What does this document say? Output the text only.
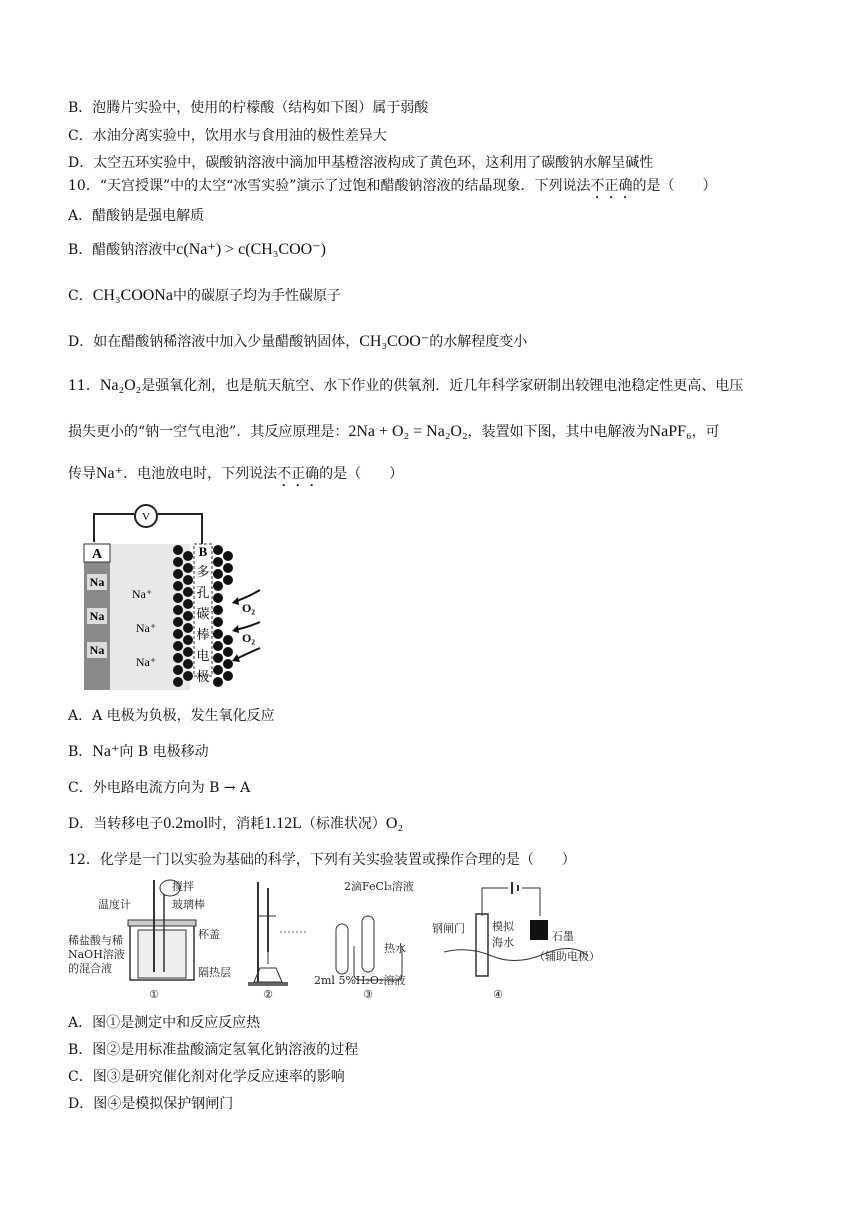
B．泡腾片实验中，使用的柠檬酸（结构如下图）属于弱酸
C．水油分离实验中，饮用水与食用油的极性差异大
D．太空五环实验中，碳酸钠溶液中滴加甲基橙溶液构成了黄色环，这利用了碳酸钠水解呈碱性
10．“天宫授课”中的太空“冰雪实验”演示了过饱和醋酸钠溶液的结晶现象．下列说法不正确的是（　　）
A．醋酸钠是强电解质
B．醋酸钠溶液中c(Na⁺) > c(CH₃COO⁻)
C．CH₃COONa中的碳原子均为手性碳原子
D．如在醋酸钠稀溶液中加入少量醋酸钠固体，CH₃COO⁻的水解程度变小
11．Na₂O₂是强氧化剂，也是航天航空、水下作业的供氧剂．近几年科学家研制出较锂电池稳定性更高、电压
损失更小的“钠一空气电池”．其反应原理是：2Na + O₂ = Na₂O₂，装置如下图，其中电解液为NaPF₆，可
传导Na⁺．电池放电时，下列说法不正确的是（　　）
V
A
Na
Na
Na
Na⁺
Na⁺
Na⁺
B
多
孔
碳
棒
电
极
O₂
O₂
A．A 电极为负极，发生氧化反应
B．Na⁺向 B 电极移动
C．外电路电流方向为 B → A
D．当转移电子0.2mol时，消耗1.12L（标准状况）O₂
12．化学是一门以实验为基础的科学，下列有关实验装置或操作合理的是（　　）
温度计
搅拌
玻璃棒
稀盐酸与稀
NaOH溶液
的混合液
杯盖
隔热层
①	②
2滴FeCl₃溶液
热水
2ml 5%H₂O₂溶液
③
钢闸门 模拟
海水	石墨
（辅助电极）
④
A．图①是测定中和反应反应热
B．图②是用标准盐酸滴定氢氧化钠溶液的过程
C．图③是研究催化剂对化学反应速率的影响
D．图④是模拟保护钢闸门
